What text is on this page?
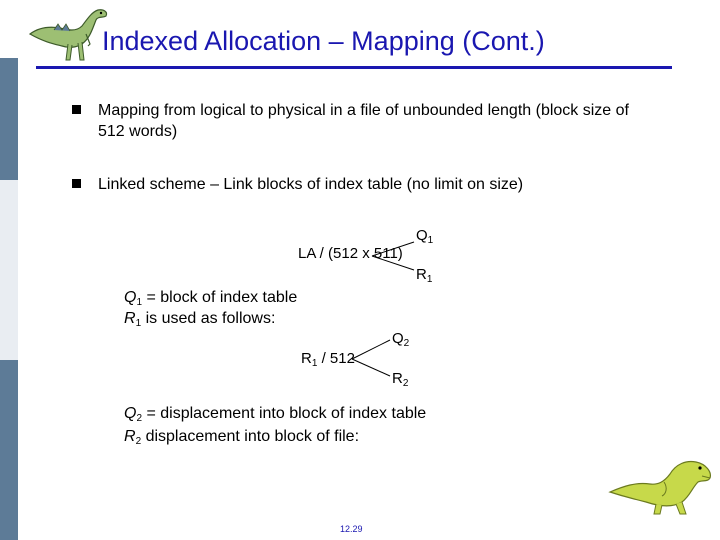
Indexed Allocation – Mapping (Cont.)
Mapping from logical to physical in a file of unbounded length (block size of 512 words)
Linked scheme – Link blocks of index table (no limit on size)
LA / (512 x 511)
$Q_1$
$R_1$
$Q_1$ = block of index table
$R_1$ is used as follows:
$R_1 / 512$
$Q_2$
$R_2$
$Q_2$ = displacement into block of index table
$R_2$ displacement into block of file:
12.29
